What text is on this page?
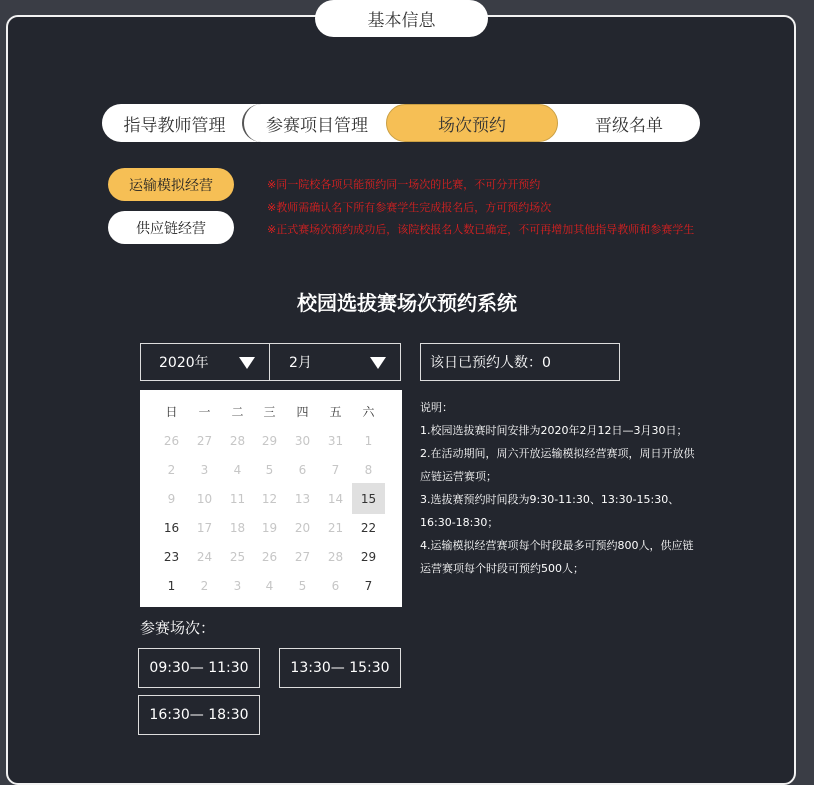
基本信息
指导教师管理	参赛项目管理	场次预约	晋级名单
运输模拟经营
供应链经营
※同一院校各项只能预约同一场次的比赛，不可分开预约
※教师需确认名下所有参赛学生完成报名后，方可预约场次
※正式赛场次预约成功后，该院校报名人数已确定，不可再增加其他指导教师和参赛学生
校园选拔赛场次预约系统
2020年	2月	该日已预约人数：0
日	一	二	三	四	五	六
26	27	28	29	30	31	1
2	3	4	5	6	7	8
9	10	11	12	13	14	15
16	17	18	19	20	21	22
23	24	25	26	27	28	29
1	2	3	4	5	6	7
说明：
1.校园选拔赛时间安排为2020年2月12日—3月30日；
2.在活动期间，周六开放运输模拟经营赛项，周日开放供应链运营赛项；
3.选拔赛预约时间段为9:30-11:30、13:30-15:30、16:30-18:30；
4.运输模拟经营赛项每个时段最多可预约800人，供应链运营赛项每个时段可预约500人；
参赛场次：
09:30— 11:30	13:30— 15:30
16:30— 18:30
